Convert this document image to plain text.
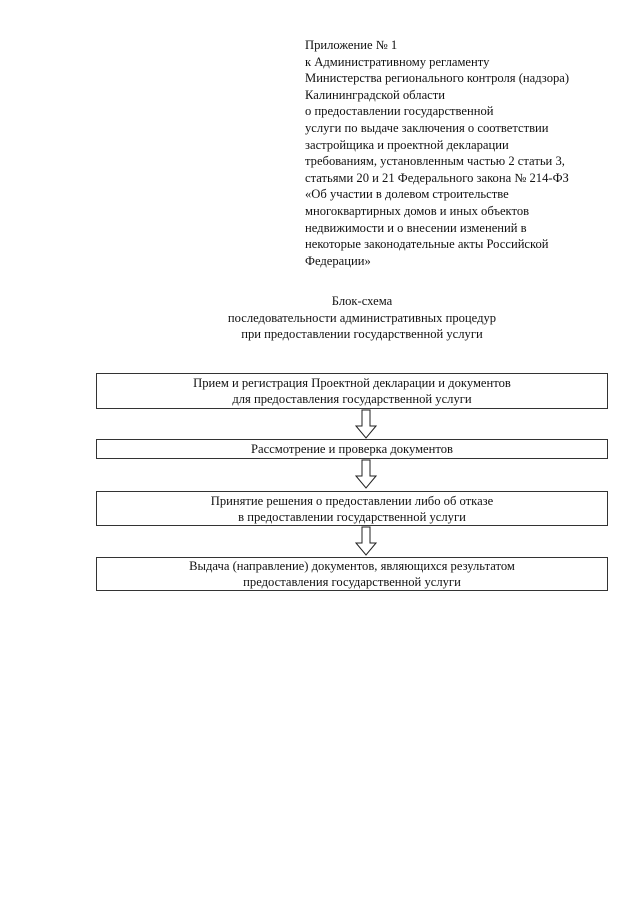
Приложение № 1
к Административному регламенту
Министерства регионального контроля (надзора)
Калининградской области
о предоставлении государственной
услуги по выдаче заключения о соответствии
застройщика и проектной декларации
требованиям, установленным частью 2 статьи 3,
статьями 20 и 21 Федерального закона № 214-ФЗ
«Об участии в долевом строительстве
многоквартирных домов и иных объектов
недвижимости и о внесении изменений в
некоторые законодательные акты Российской
Федерации»
Блок-схема
последовательности административных процедур
при предоставлении государственной услуги
Прием и регистрация Проектной декларации и документов
для предоставления государственной услуги
Рассмотрение и проверка документов
Принятие решения о предоставлении либо об отказе
в предоставлении государственной услуги
Выдача (направление) документов, являющихся результатом
предоставления государственной услуги
